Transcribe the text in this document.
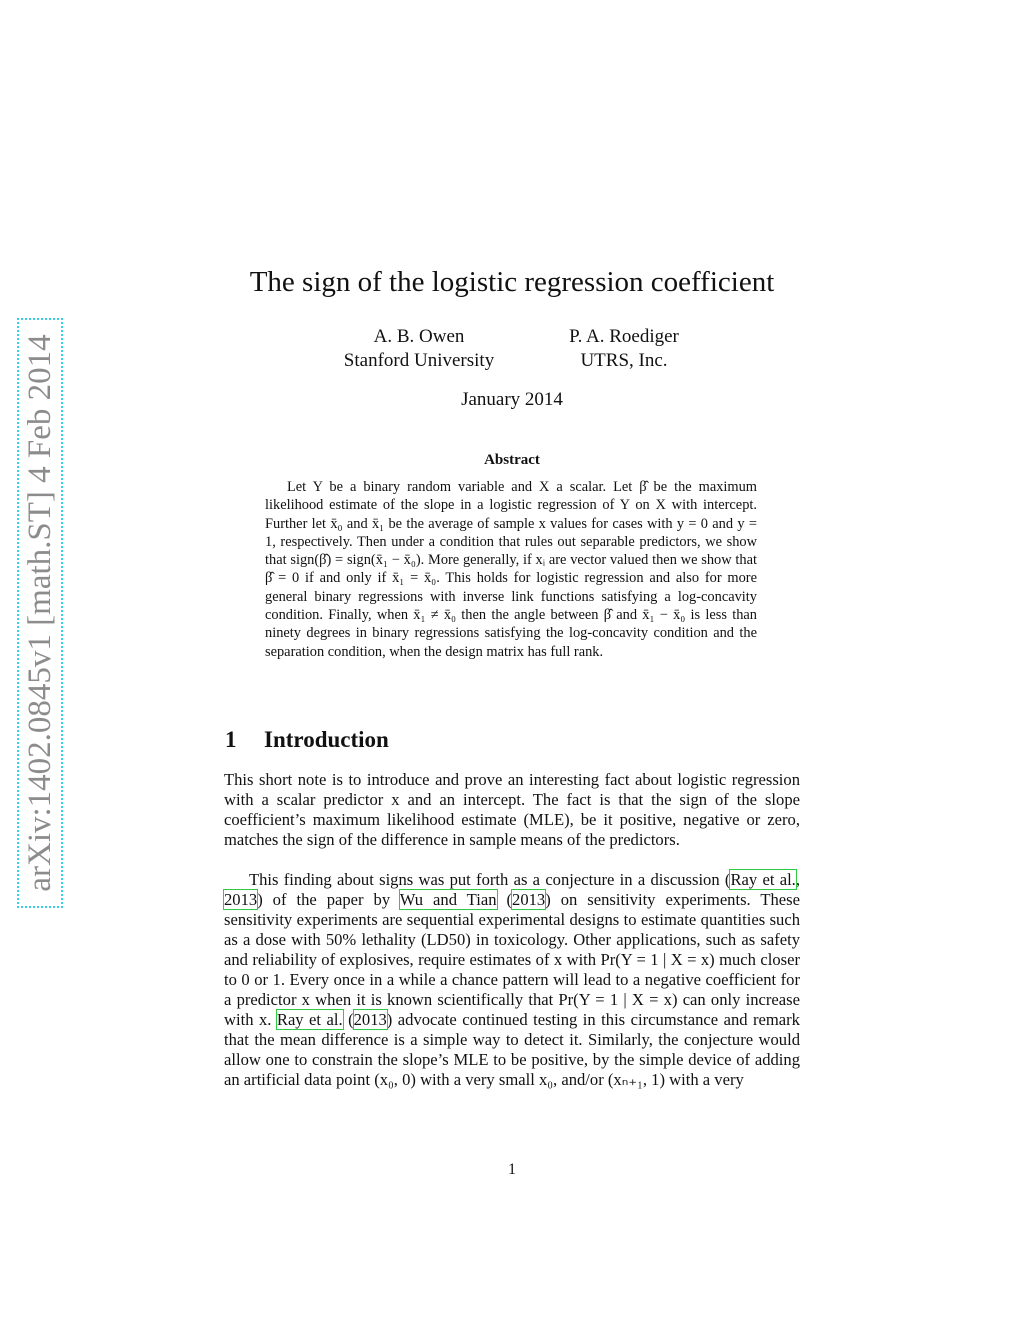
arXiv:1402.0845v1 [math.ST] 4 Feb 2014
The sign of the logistic regression coefficient
A. B. Owen
Stanford University
P. A. Roediger
UTRS, Inc.
January 2014
Abstract
Let Y be a binary random variable and X a scalar. Let β̂ be the maximum likelihood estimate of the slope in a logistic regression of Y on X with intercept. Further let x̄₀ and x̄₁ be the average of sample x values for cases with y = 0 and y = 1, respectively. Then under a condition that rules out separable predictors, we show that sign(β̂) = sign(x̄₁ − x̄₀). More generally, if xᵢ are vector valued then we show that β̂ = 0 if and only if x̄₁ = x̄₀. This holds for logistic regression and also for more general binary regressions with inverse link functions satisfying a log-concavity condition. Finally, when x̄₁ ≠ x̄₀ then the angle between β̂ and x̄₁ − x̄₀ is less than ninety degrees in binary regressions satisfying the log-concavity condition and the separation condition, when the design matrix has full rank.
1 Introduction
This short note is to introduce and prove an interesting fact about logistic regression with a scalar predictor x and an intercept. The fact is that the sign of the slope coefficient’s maximum likelihood estimate (MLE), be it positive, negative or zero, matches the sign of the difference in sample means of the predictors.
This finding about signs was put forth as a conjecture in a discussion (Ray et al., 2013) of the paper by Wu and Tian (2013) on sensitivity experiments. These sensitivity experiments are sequential experimental designs to estimate quantities such as a dose with 50% lethality (LD50) in toxicology. Other applications, such as safety and reliability of explosives, require estimates of x with Pr(Y = 1 | X = x) much closer to 0 or 1. Every once in a while a chance pattern will lead to a negative coefficient for a predictor x when it is known scientifically that Pr(Y = 1 | X = x) can only increase with x. Ray et al. (2013) advocate continued testing in this circumstance and remark that the mean difference is a simple way to detect it. Similarly, the conjecture would allow one to constrain the slope’s MLE to be positive, by the simple device of adding an artificial data point (x₀, 0) with a very small x₀, and/or (xₙ₊₁, 1) with a very
1
